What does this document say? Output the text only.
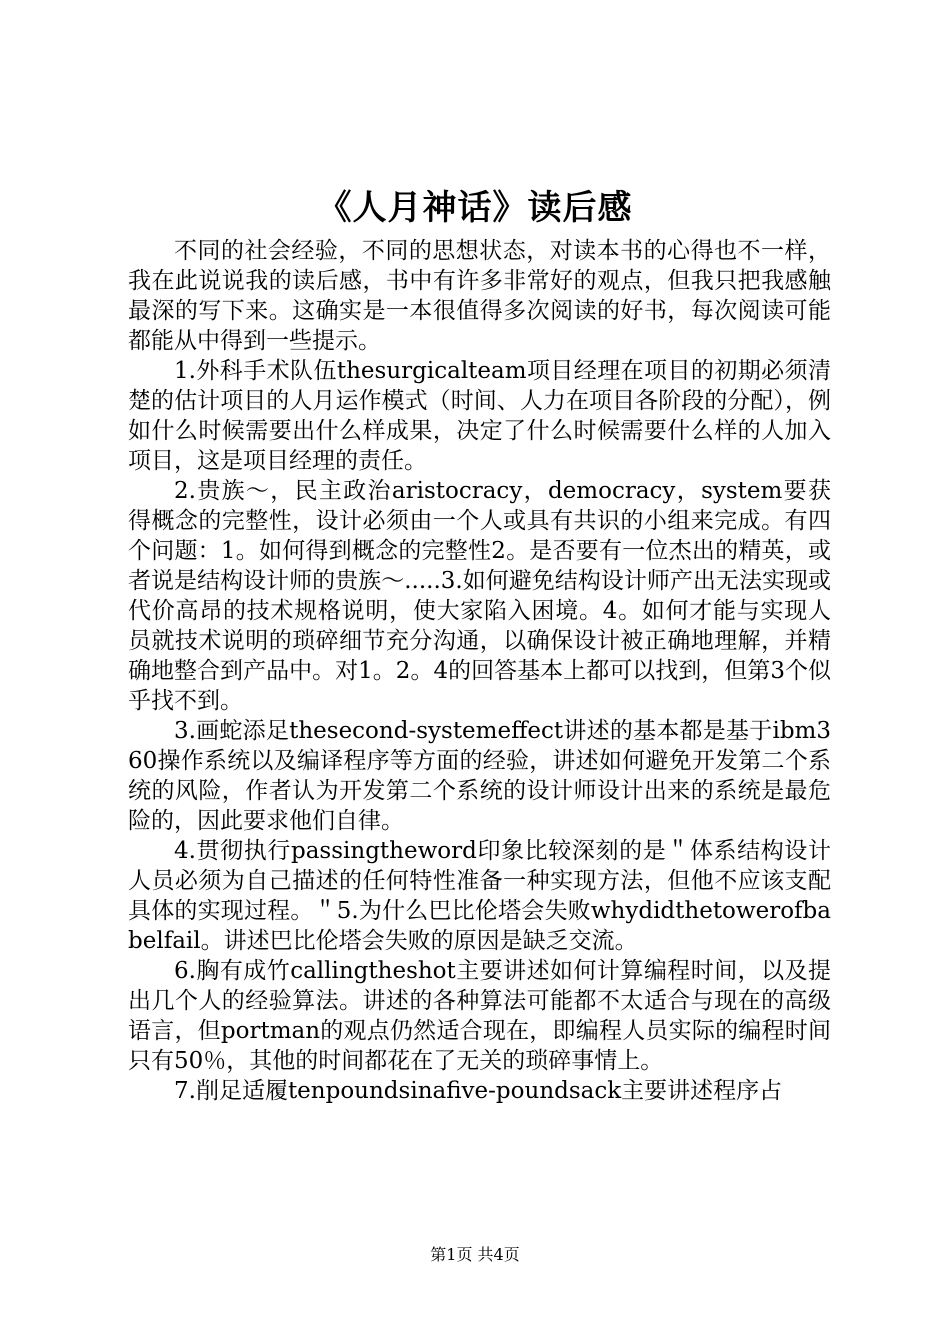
《人月神话》读后感

不同的社会经验，不同的思想状态，对读本书的心得也不一样，我在此说说我的读后感，书中有许多非常好的观点，但我只把我感触最深的写下来。这确实是一本很值得多次阅读的好书，每次阅读可能都能从中得到一些提示。

1.外科手术队伍thesurgicalteam项目经理在项目的初期必须清楚的估计项目的人月运作模式（时间、人力在项目各阶段的分配），例如什么时候需要出什么样成果，决定了什么时候需要什么样的人加入项目，这是项目经理的责任。

2.贵族～，民主政治aristocracy，democracy，system要获得概念的完整性，设计必须由一个人或具有共识的小组来完成。有四个问题：1。如何得到概念的完整性2。是否要有一位杰出的精英，或者说是结构设计师的贵族～.....3.如何避免结构设计师产出无法实现或代价高昂的技术规格说明，使大家陷入困境。4。如何才能与实现人员就技术说明的琐碎细节充分沟通，以确保设计被正确地理解，并精确地整合到产品中。对1。2。4的回答基本上都可以找到，但第3个似乎找不到。

3.画蛇添足thesecond-systemeffect讲述的基本都是基于ibm360操作系统以及编译程序等方面的经验，讲述如何避免开发第二个系统的风险，作者认为开发第二个系统的设计师设计出来的系统是最危险的，因此要求他们自律。

4.贯彻执行passingtheword印象比较深刻的是＂体系结构设计人员必须为自己描述的任何特性准备一种实现方法，但他不应该支配具体的实现过程。＂5.为什么巴比伦塔会失败whydidthetowerofbabelfail。讲述巴比伦塔会失败的原因是缺乏交流。

6.胸有成竹callingtheshot主要讲述如何计算编程时间，以及提出几个人的经验算法。讲述的各种算法可能都不太适合与现在的高级语言，但portman的观点仍然适合现在，即编程人员实际的编程时间只有50％，其他的时间都花在了无关的琐碎事情上。

7.削足适履tenpoundsinafive-poundsack主要讲述程序占

第1页 共4页
